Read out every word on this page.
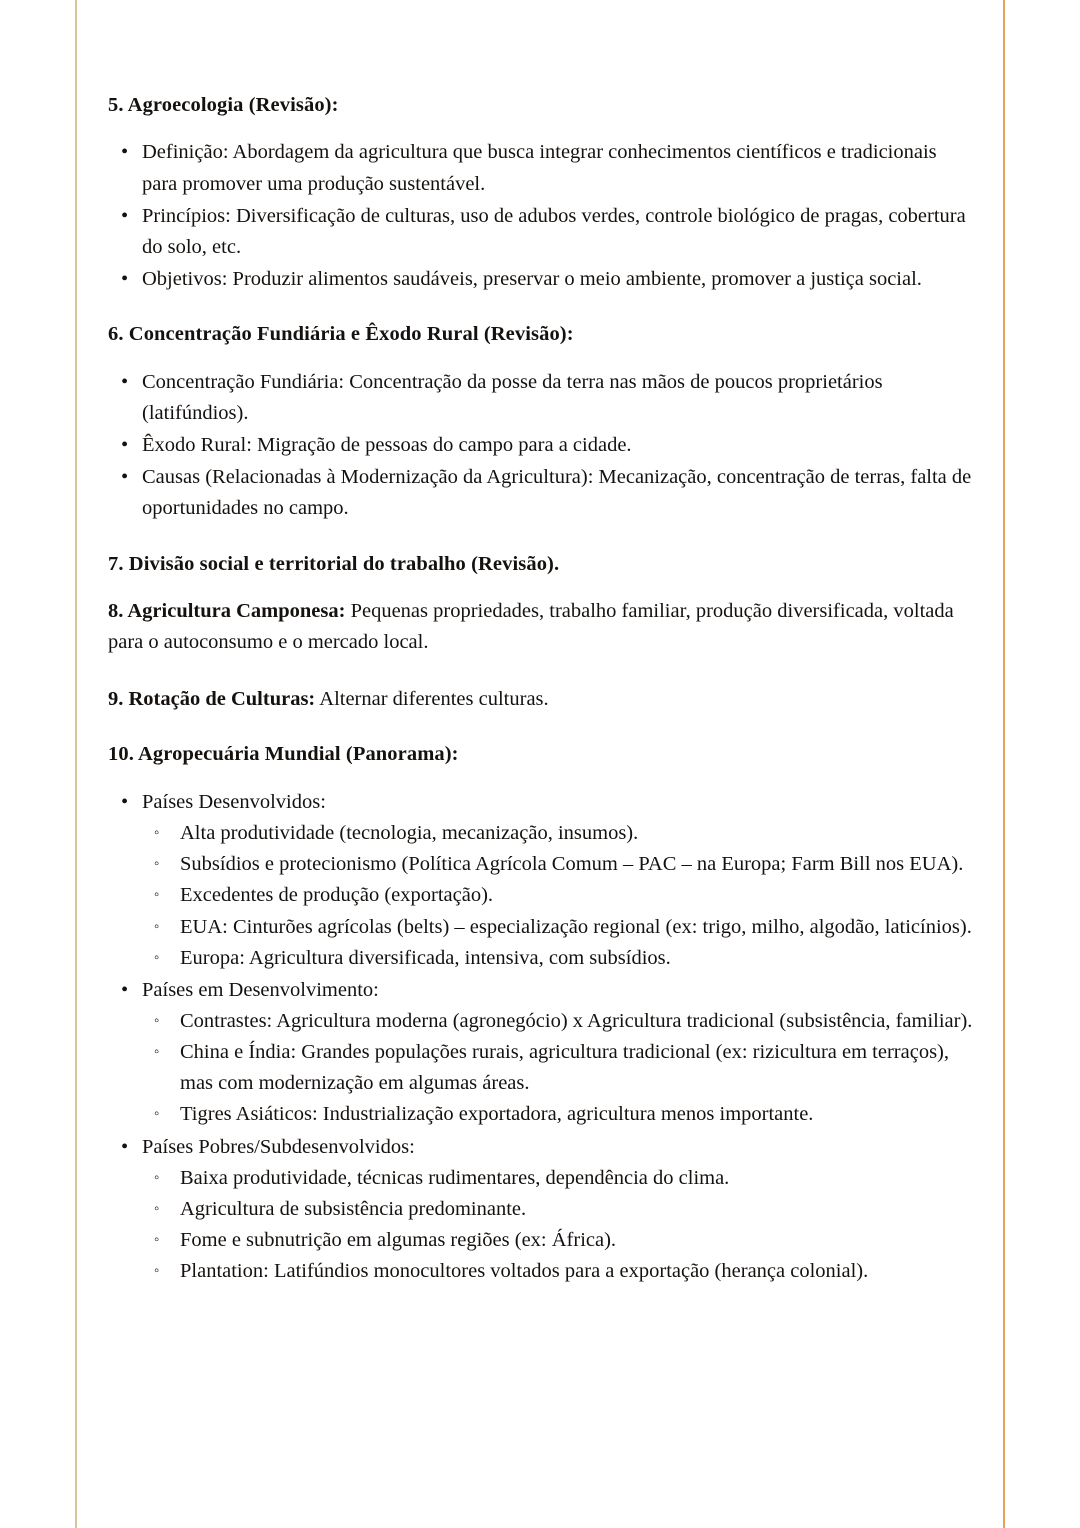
5. Agroecologia (Revisão):
• Definição: Abordagem da agricultura que busca integrar conhecimentos científicos e tradicionais para promover uma produção sustentável.
• Princípios: Diversificação de culturas, uso de adubos verdes, controle biológico de pragas, cobertura do solo, etc.
• Objetivos: Produzir alimentos saudáveis, preservar o meio ambiente, promover a justiça social.
6. Concentração Fundiária e Êxodo Rural (Revisão):
• Concentração Fundiária: Concentração da posse da terra nas mãos de poucos proprietários (latifúndios).
• Êxodo Rural: Migração de pessoas do campo para a cidade.
• Causas (Relacionadas à Modernização da Agricultura): Mecanização, concentração de terras, falta de oportunidades no campo.
7. Divisão social e territorial do trabalho (Revisão).

8. Agricultura Camponesa: Pequenas propriedades, trabalho familiar, produção diversificada, voltada para o autoconsumo e o mercado local.

9. Rotação de Culturas: Alternar diferentes culturas.

10. Agropecuária Mundial (Panorama):
• Países Desenvolvidos:
◦ Alta produtividade (tecnologia, mecanização, insumos).
◦ Subsídios e protecionismo (Política Agrícola Comum – PAC – na Europa; Farm Bill nos EUA).
◦ Excedentes de produção (exportação).
◦ EUA: Cinturões agrícolas (belts) – especialização regional (ex: trigo, milho, algodão, laticínios).
◦ Europa: Agricultura diversificada, intensiva, com subsídios.
• Países em Desenvolvimento:
◦ Contrastes: Agricultura moderna (agronegócio) x Agricultura tradicional (subsistência, familiar).
◦ China e Índia: Grandes populações rurais, agricultura tradicional (ex: rizicultura em terraços), mas com modernização em algumas áreas.
◦ Tigres Asiáticos: Industrialização exportadora, agricultura menos importante.
• Países Pobres/Subdesenvolvidos:
◦ Baixa produtividade, técnicas rudimentares, dependência do clima.
◦ Agricultura de subsistência predominante.
◦ Fome e subnutrição em algumas regiões (ex: África).
◦ Plantation: Latifúndios monocultores voltados para a exportação (herança colonial).
